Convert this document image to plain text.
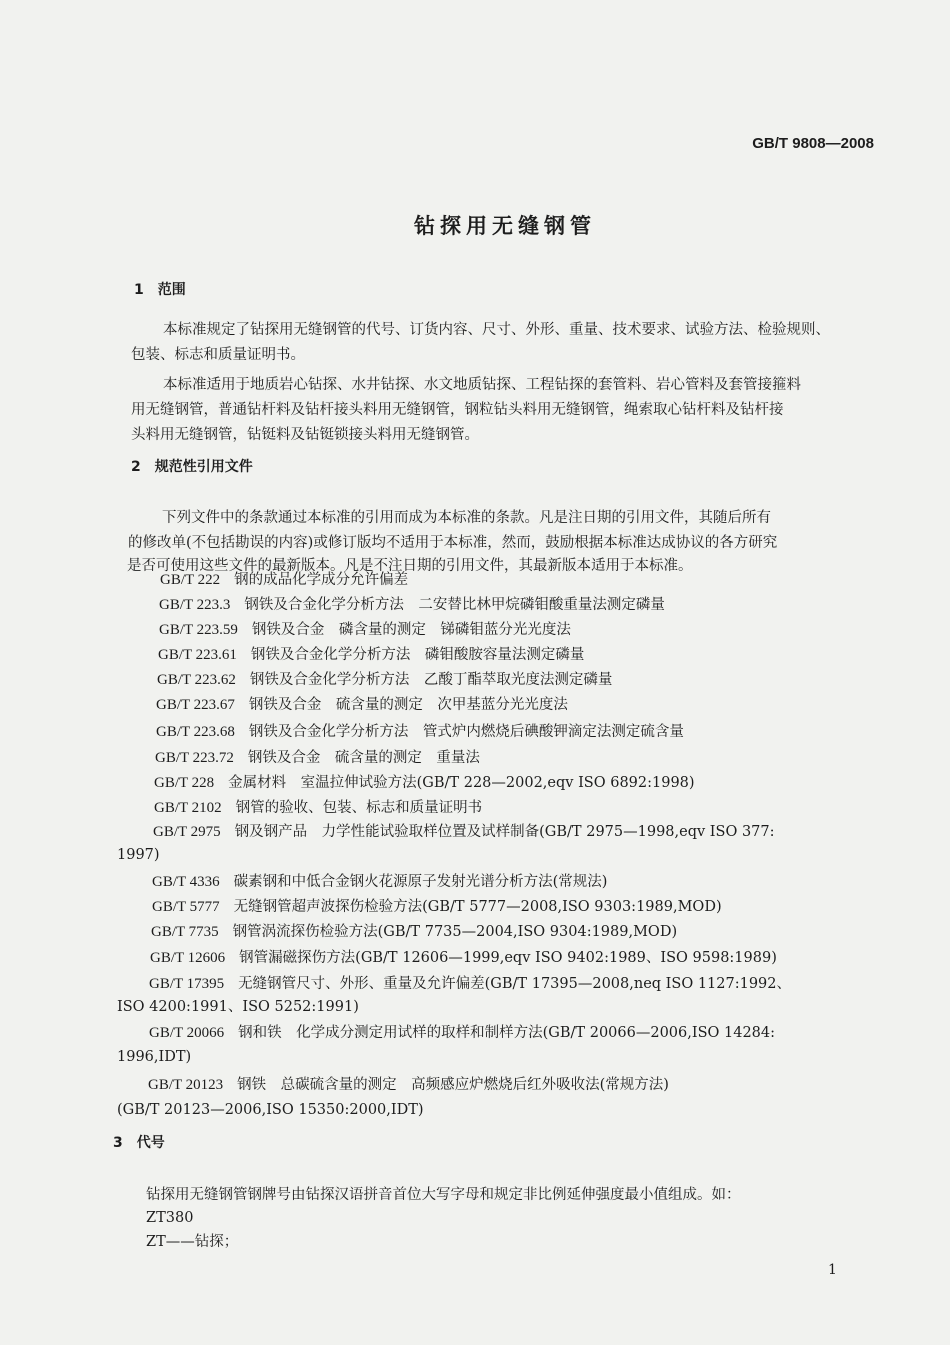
GB/T 9808—2008
钻探用无缝钢管
1　范围
本标准规定了钻探用无缝钢管的代号、订货内容、尺寸、外形、重量、技术要求、试验方法、检验规则、
包装、标志和质量证明书。
本标准适用于地质岩心钻探、水井钻探、水文地质钻探、工程钻探的套管料、岩心管料及套管接箍料
用无缝钢管，普通钻杆料及钻杆接头料用无缝钢管，钢粒钻头料用无缝钢管，绳索取心钻杆料及钻杆接
头料用无缝钢管，钻铤料及钻铤锁接头料用无缝钢管。
2　规范性引用文件
下列文件中的条款通过本标准的引用而成为本标准的条款。凡是注日期的引用文件，其随后所有
的修改单(不包括勘误的内容)或修订版均不适用于本标准，然而，鼓励根据本标准达成协议的各方研究
是否可使用这些文件的最新版本。凡是不注日期的引用文件，其最新版本适用于本标准。
GB/T 222 钢的成品化学成分允许偏差
GB/T 223.3 钢铁及合金化学分析方法　二安替比林甲烷磷钼酸重量法测定磷量
GB/T 223.59 钢铁及合金　磷含量的测定　锑磷钼蓝分光光度法
GB/T 223.61 钢铁及合金化学分析方法　磷钼酸胺容量法测定磷量
GB/T 223.62 钢铁及合金化学分析方法　乙酸丁酯萃取光度法测定磷量
GB/T 223.67 钢铁及合金　硫含量的测定　次甲基蓝分光光度法
GB/T 223.68 钢铁及合金化学分析方法　管式炉内燃烧后碘酸钾滴定法测定硫含量
GB/T 223.72 钢铁及合金　硫含量的测定　重量法
GB/T 228 金属材料　室温拉伸试验方法(GB/T 228—2002,eqv ISO 6892:1998)
GB/T 2102 钢管的验收、包装、标志和质量证明书
GB/T 2975 钢及钢产品　力学性能试验取样位置及试样制备(GB/T 2975—1998,eqv ISO 377:
1997)
GB/T 4336 碳素钢和中低合金钢火花源原子发射光谱分析方法(常规法)
GB/T 5777 无缝钢管超声波探伤检验方法(GB/T 5777—2008,ISO 9303:1989,MOD)
GB/T 7735 钢管涡流探伤检验方法(GB/T 7735—2004,ISO 9304:1989,MOD)
GB/T 12606 钢管漏磁探伤方法(GB/T 12606—1999,eqv ISO 9402:1989、ISO 9598:1989)
GB/T 17395 无缝钢管尺寸、外形、重量及允许偏差(GB/T 17395—2008,neq ISO 1127:1992、
ISO 4200:1991、ISO 5252:1991)
GB/T 20066 钢和铁　化学成分测定用试样的取样和制样方法(GB/T 20066—2006,ISO 14284:
1996,IDT)
GB/T 20123 钢铁　总碳硫含量的测定　高频感应炉燃烧后红外吸收法(常规方法)
(GB/T 20123—2006,ISO 15350:2000,IDT)
3　代号
钻探用无缝钢管钢牌号由钻探汉语拼音首位大写字母和规定非比例延伸强度最小值组成。如：
ZT380
ZT——钻探；
1
